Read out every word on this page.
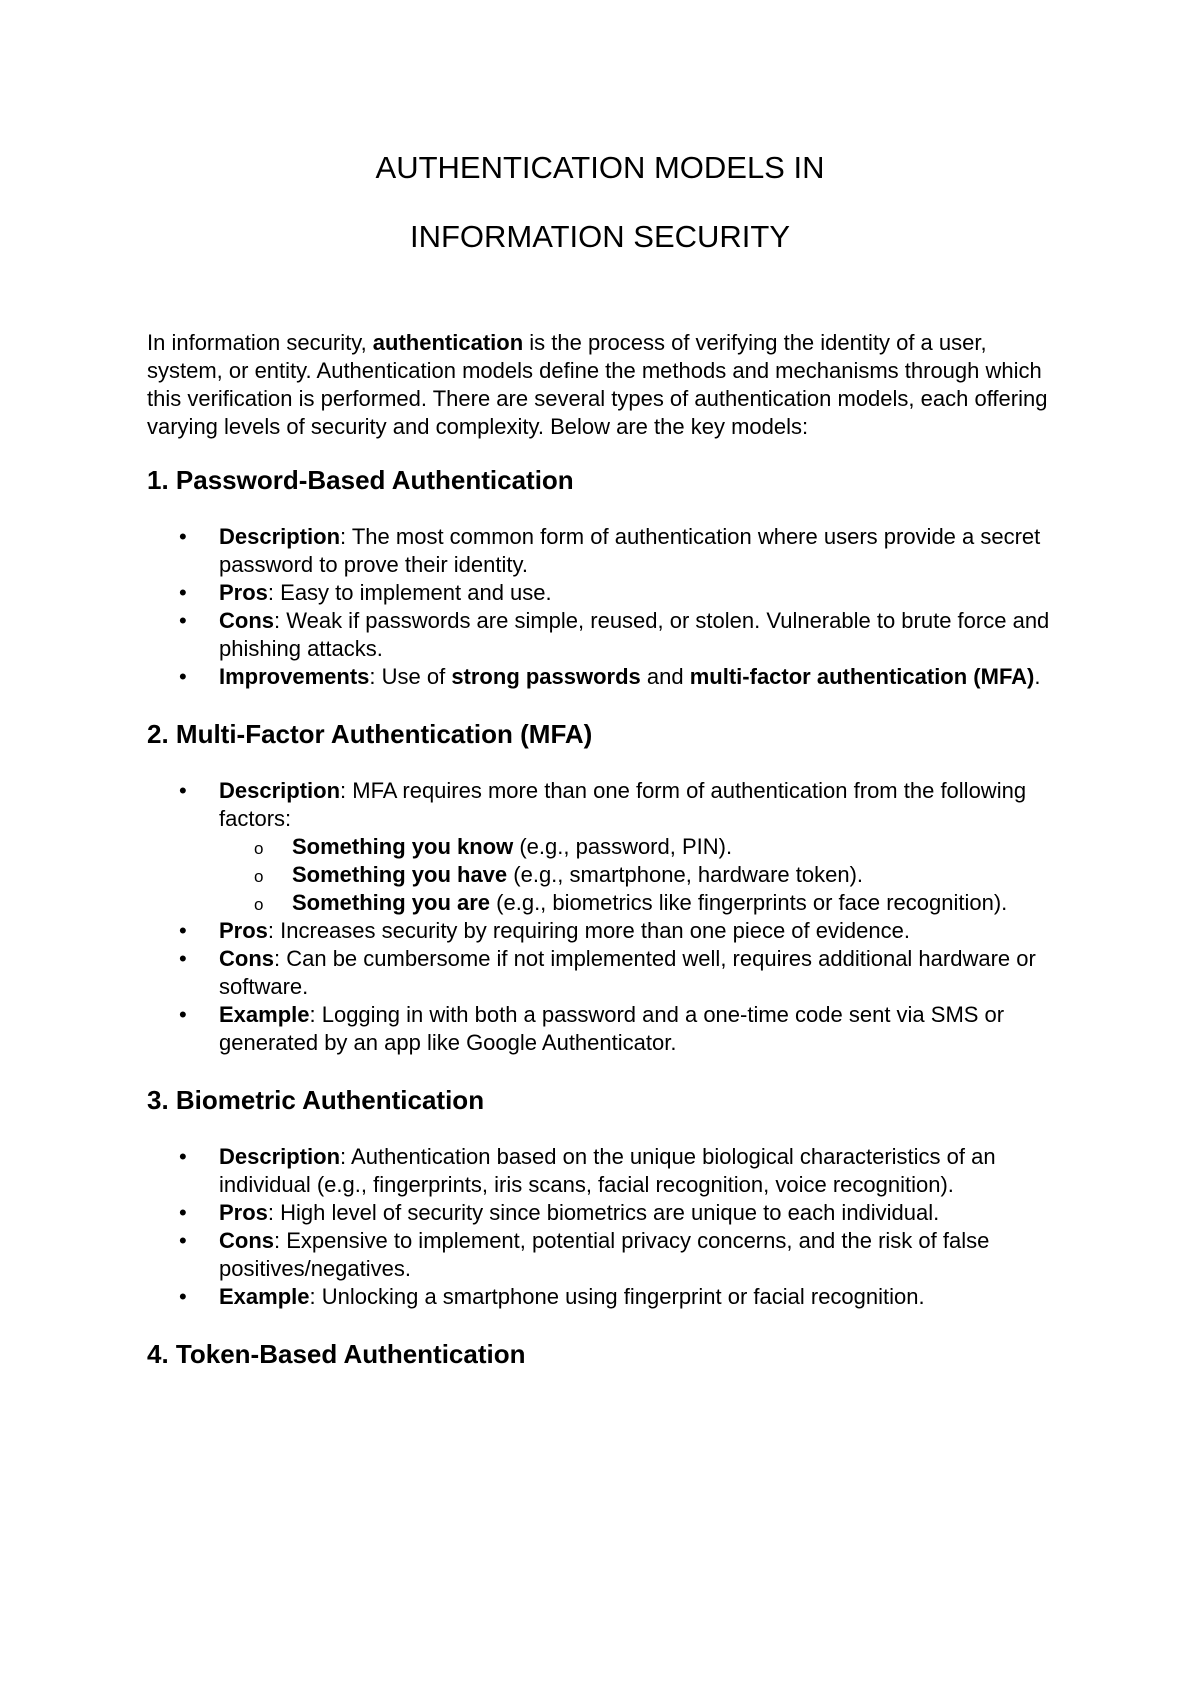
AUTHENTICATION MODELS IN

INFORMATION SECURITY

In information security, authentication is the process of verifying the identity of a user, system, or entity. Authentication models define the methods and mechanisms through which this verification is performed. There are several types of authentication models, each offering varying levels of security and complexity. Below are the key models:
1. Password-Based Authentication
• Description: The most common form of authentication where users provide a secret password to prove their identity.
• Pros: Easy to implement and use.
• Cons: Weak if passwords are simple, reused, or stolen. Vulnerable to brute force and phishing attacks.
• Improvements: Use of strong passwords and multi-factor authentication (MFA).
2. Multi-Factor Authentication (MFA)
• Description: MFA requires more than one form of authentication from the following factors:
o Something you know (e.g., password, PIN).
o Something you have (e.g., smartphone, hardware token).
o Something you are (e.g., biometrics like fingerprints or face recognition).
• Pros: Increases security by requiring more than one piece of evidence.
• Cons: Can be cumbersome if not implemented well, requires additional hardware or software.
• Example: Logging in with both a password and a one-time code sent via SMS or generated by an app like Google Authenticator.
3. Biometric Authentication
• Description: Authentication based on the unique biological characteristics of an individual (e.g., fingerprints, iris scans, facial recognition, voice recognition).
• Pros: High level of security since biometrics are unique to each individual.
• Cons: Expensive to implement, potential privacy concerns, and the risk of false positives/negatives.
• Example: Unlocking a smartphone using fingerprint or facial recognition.
4. Token-Based Authentication
